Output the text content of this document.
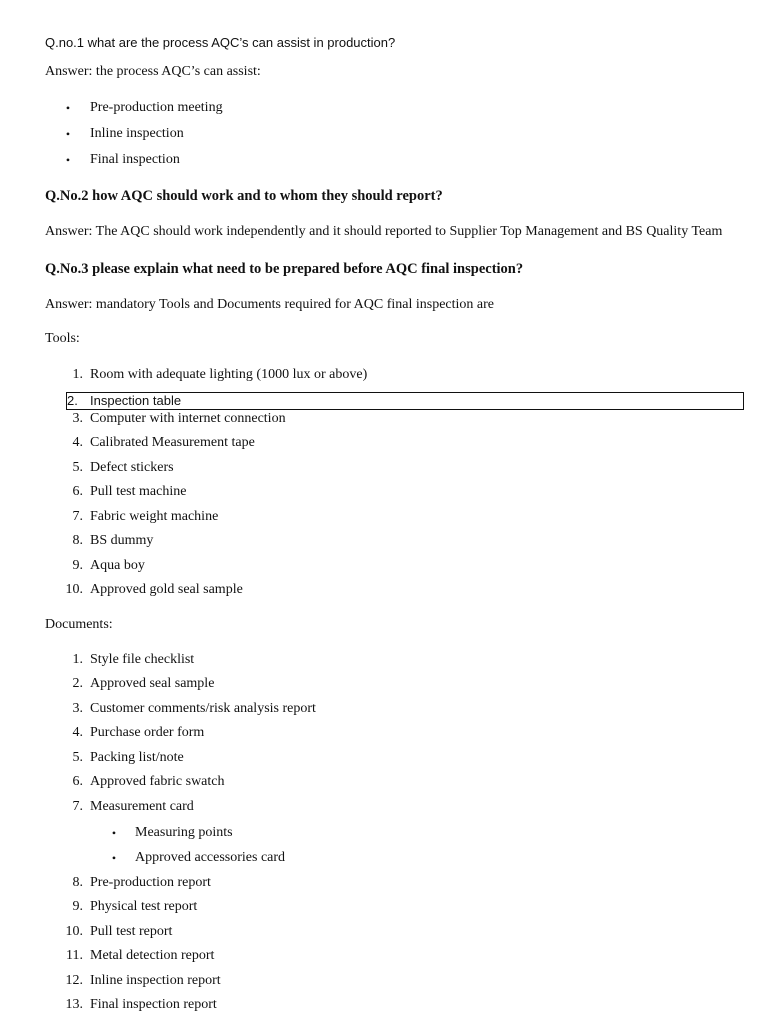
Q.no.1 what are the process AQC’s can assist in production?
Answer: the process AQC’s can assist:
•	Pre-production meeting
•	Inline inspection
•	Final inspection
Q.No.2 how AQC should work and to whom they should report?
Answer: The AQC should work independently and it should reported to Supplier Top Management and BS Quality Team
Q.No.3 please explain what need to be prepared before AQC final inspection?
Answer: mandatory Tools and Documents required for AQC final inspection are
Tools:
1. Room with adequate lighting (1000 lux or above)
2. Inspection table
3. Computer with internet connection
4. Calibrated Measurement tape
5. Defect stickers
6. Pull test machine
7. Fabric weight machine
8. BS dummy
9. Aqua boy
10. Approved gold seal sample
Documents:
1. Style file checklist
2. Approved seal sample
3. Customer comments/risk analysis report
4. Purchase order form
5. Packing list/note
6. Approved fabric swatch
7. Measurement card
•	Measuring points
•	Approved accessories card
8. Pre-production report
9. Physical test report
10. Pull test report
11. Metal detection report
12. Inline inspection report
13. Final inspection report
